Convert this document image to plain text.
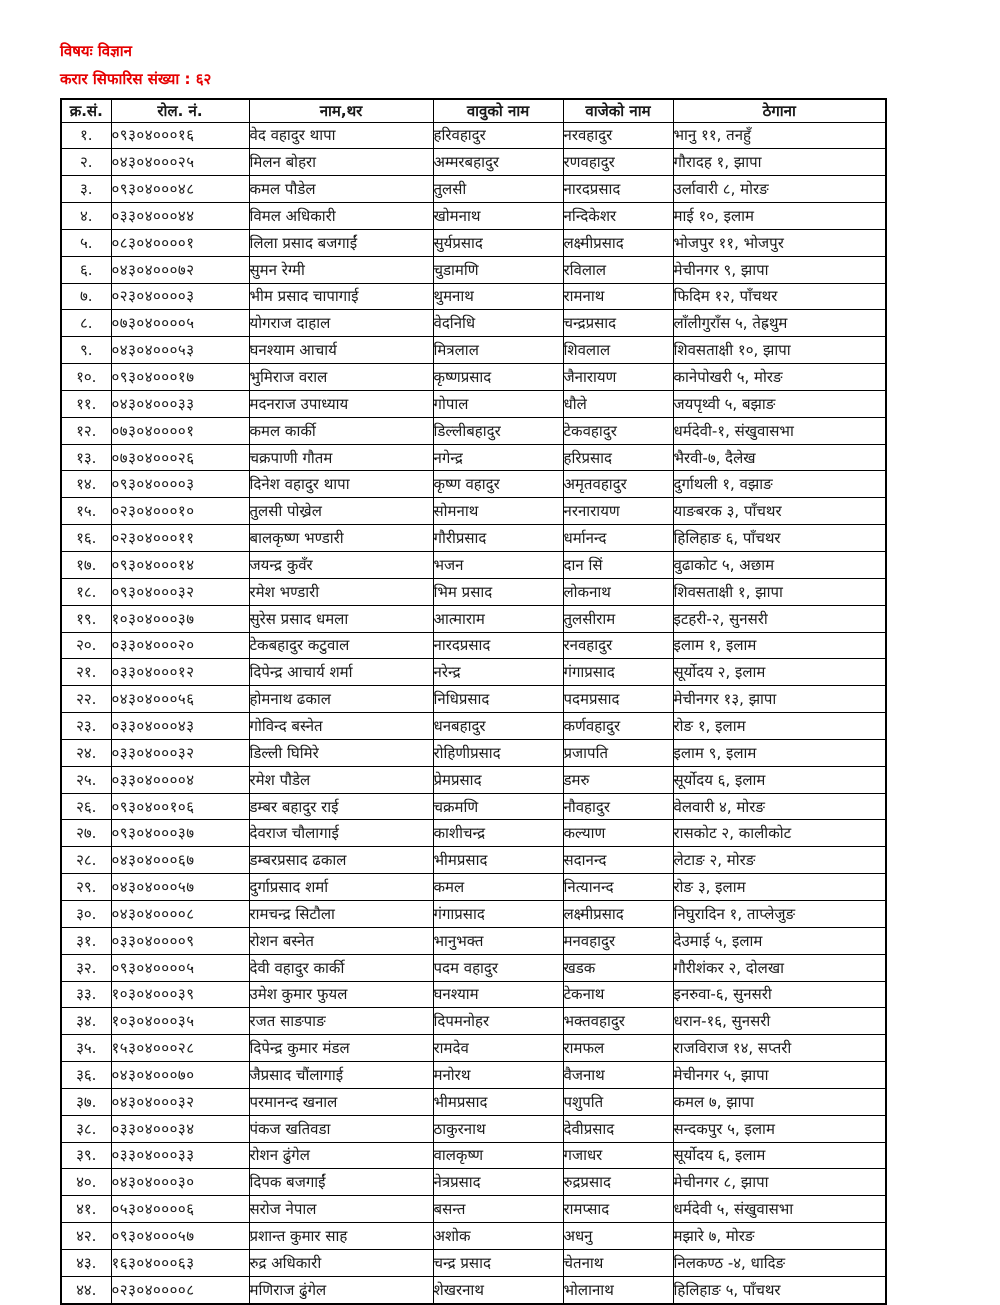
विषयः विज्ञान
करार सिफारिस संख्या : ६२
क्र.सं.	रोल. नं.	नाम,थर	वावुको नाम	वाजेको नाम	ठेगाना
१.	०९३०४०००१६	वेद वहादुर थापा	हरिवहादुर	नरवहादुर	भानु ११, तनहुँ
२.	०४३०४०००२५	मिलन बोहरा	अम्मरबहादुर	रणवहादुर	गौरादह १, झापा
३.	०९३०४०००४८	कमल पौडेल	तुलसी	नारदप्रसाद	उर्लावारी ८, मोरङ
४.	०३३०४०००४४	विमल अधिकारी	खोमनाथ	नन्दिकेशर	माई १०, इलाम
५.	०८३०४००००१	लिला प्रसाद बजगाईं	सुर्यप्रसाद	लक्ष्मीप्रसाद	भोजपुर ११, भोजपुर
६.	०४३०४०००७२	सुमन रेग्मी	चुडामणि	रविलाल	मेचीनगर ९, झापा
७.	०२३०४००००३	भीम प्रसाद चापागाई	थुमनाथ	रामनाथ	फिदिम १२, पाँचथर
८.	०७३०४००००५	योगराज दाहाल	वेदनिधि	चन्द्रप्रसाद	लाँलीगुराँस ५, तेह्रथुम
९.	०४३०४०००५३	घनश्याम आचार्य	मित्रलाल	शिवलाल	शिवसताक्षी १०, झापा
१०.	०९३०४०००१७	भुमिराज वराल	कृष्णप्रसाद	जैनारायण	कानेपोखरी ५, मोरङ
११.	०४३०४०००३३	मदनराज उपाध्याय	गोपाल	धौले	जयपृथ्वी ५, बझाङ
१२.	०७३०४००००१	कमल कार्की	डिल्लीबहादुर	टेकवहादुर	धर्मदेवी-१, संखुवासभा
१३.	०७३०४०००२६	चक्रपाणी गौतम	नगेन्द्र	हरिप्रसाद	भैरवी-७, दैलेख
१४.	०९३०४००००३	दिनेश वहादुर थापा	कृष्ण वहादुर	अमृतवहादुर	दुर्गाथली १, वझाङ
१५.	०२३०४०००१०	तुलसी पोख्रेल	सोमनाथ	नरनारायण	याङबरक ३, पाँचथर
१६.	०२३०४०००११	बालकृष्ण भण्डारी	गौरीप्रसाद	धर्मानन्द	हिलिहाङ ६, पाँचथर
१७.	०९३०४०००१४	जयन्द्र कुवँर	भजन	दान सिं	वुढाकोट ५, अछाम
१८.	०९३०४०००३२	रमेश भण्डारी	भिम प्रसाद	लोकनाथ	शिवसताक्षी १, झापा
१९.	१०३०४०००३७	सुरेस प्रसाद धमला	आत्माराम	तुलसीराम	इटहरी-२, सुनसरी
२०.	०३३०४०००२०	टेकबहादुर कटुवाल	नारदप्रसाद	रनवहादुर	इलाम १, इलाम
२१.	०३३०४०००१२	दिपेन्द्र आचार्य शर्मा	नरेन्द्र	गंगाप्रसाद	सूर्योदय २, इलाम
२२.	०४३०४०००५६	होमनाथ ढकाल	निधिप्रसाद	पदमप्रसाद	मेचीनगर १३, झापा
२३.	०३३०४०००४३	गोविन्द बस्नेत	धनबहादुर	कर्णवहादुर	रोङ १, इलाम
२४.	०३३०४०००३२	डिल्ली घिमिरे	रोहिणीप्रसाद	प्रजापति	इलाम ९, इलाम
२५.	०३३०४००००४	रमेश पौडेल	प्रेमप्रसाद	डमरु	सूर्योदय ६, इलाम
२६.	०९३०४००१०६	डम्बर बहादुर राई	चक्रमणि	नौवहादुर	वेलवारी ४, मोरङ
२७.	०९३०४०००३७	देवराज चौलागाई	काशीचन्द्र	कल्याण	रासकोट २, कालीकोट
२८.	०४३०४०००६७	डम्बरप्रसाद ढकाल	भीमप्रसाद	सदानन्द	लेटाङ २, मोरङ
२९.	०४३०४०००५७	दुर्गाप्रसाद शर्मा	कमल	नित्यानन्द	रोङ ३, इलाम
३०.	०४३०४००००८	रामचन्द्र सिटौला	गंगाप्रसाद	लक्ष्मीप्रसाद	निघुरादिन १, ताप्लेजुङ
३१.	०३३०४००००९	रोशन बस्नेत	भानुभक्त	मनवहादुर	देउमाई ५, इलाम
३२.	०९३०४००००५	देवी वहादुर कार्की	पदम वहादुर	खडक	गौरीशंकर २, दोलखा
३३.	१०३०४०००३९	उमेश कुमार फुयल	घनश्याम	टेकनाथ	इनरुवा-६, सुनसरी
३४.	१०३०४०००३५	रजत साङपाङ	दिपमनोहर	भक्तवहादुर	धरान-१६, सुनसरी
३५.	१५३०४०००२८	दिपेन्द्र कुमार मंडल	रामदेव	रामफल	राजविराज १४, सप्तरी
३६.	०४३०४०००७०	जैप्रसाद चौंलागाई	मनोरथ	वैजनाथ	मेचीनगर ५, झापा
३७.	०४३०४०००३२	परमानन्द खनाल	भीमप्रसाद	पशुपति	कमल ७, झापा
३८.	०३३०४०००३४	पंकज खतिवडा	ठाकुरनाथ	देवीप्रसाद	सन्दकपुर ५, इलाम
३९.	०३३०४०००३३	रोशन ढुंगेल	वालकृष्ण	गजाधर	सूर्योदय ६, इलाम
४०.	०४३०४०००३०	दिपक बजगाईं	नेत्रप्रसाद	रुद्रप्रसाद	मेचीनगर ८, झापा
४१.	०५३०४००००६	सरोज नेपाल	बसन्त	रामप्साद	धर्मदेवी ५, संखुवासभा
४२.	०९३०४०००५७	प्रशान्त कुमार साह	अशोक	अधनु	मझारे ७, मोरङ
४३.	१६३०४०००६३	रुद्र अधिकारी	चन्द्र प्रसाद	चेतनाथ	निलकण्ठ -४, धादिङ
४४.	०२३०४००००८	मणिराज ढुंगेल	शेखरनाथ	भोलानाथ	हिलिहाङ ५, पाँचथर
